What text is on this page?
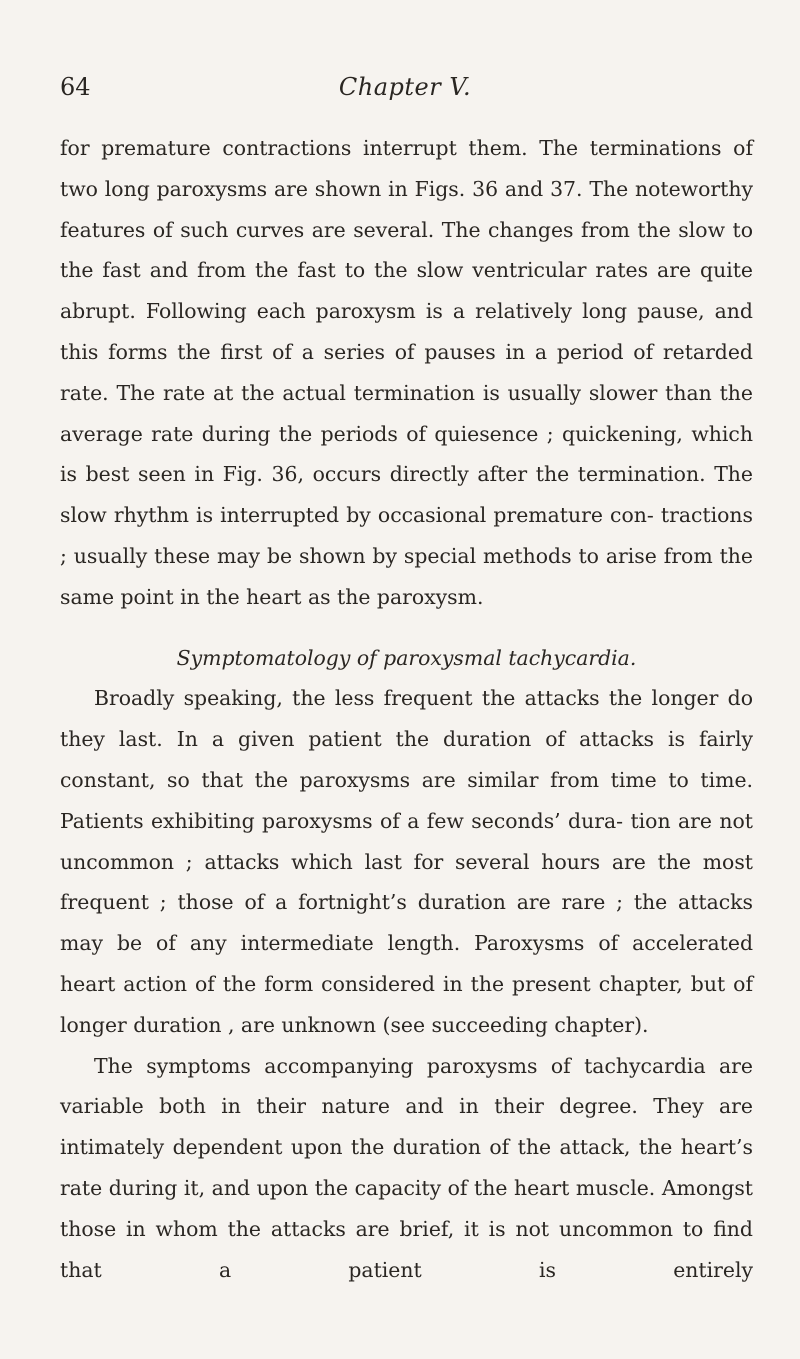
64	Chapter V.

for premature contractions interrupt them. The terminations of two long paroxysms are shown in Figs. 36 and 37. The noteworthy features of such curves are several. The changes from the slow to the fast and from the fast to the slow ventricular rates are quite abrupt. Following each paroxysm is a relatively long pause, and this forms the first of a series of pauses in a period of retarded rate. The rate at the actual termination is usually slower than the average rate during the periods of quiesence ; quickening, which is best seen in Fig. 36, occurs directly after the termination. The slow rhythm is interrupted by occasional premature con- tractions ; usually these may be shown by special methods to arise from the same point in the heart as the paroxysm.

Symptomatology of paroxysmal tachycardia.

Broadly speaking, the less frequent the attacks the longer do they last. In a given patient the duration of attacks is fairly constant, so that the paroxysms are similar from time to time. Patients exhibiting paroxysms of a few seconds’ dura- tion are not uncommon ; attacks which last for several hours are the most frequent ; those of a fortnight’s duration are rare ; the attacks may be of any intermediate length. Paroxysms of accelerated heart action of the form considered in the present chapter, but of longer duration , are unknown (see succeeding chapter).

The symptoms accompanying paroxysms of tachycardia are variable both in their nature and in their degree. They are intimately dependent upon the duration of the attack, the heart’s rate during it, and upon the capacity of the heart muscle. Amongst those in whom the attacks are brief, it is not uncommon to find that a patient is entirely
